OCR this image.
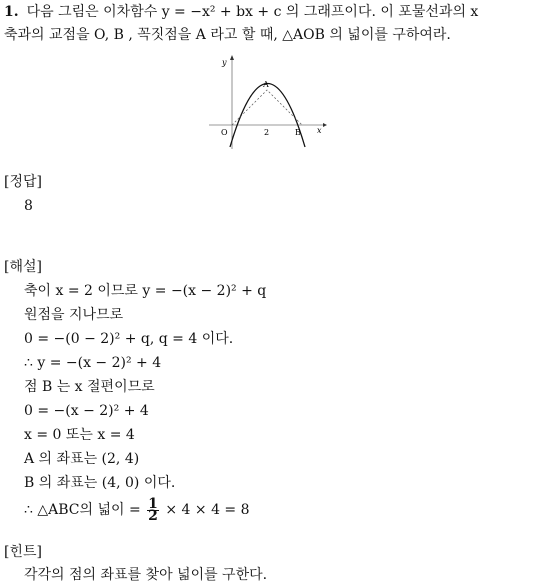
1. 다음 그림은 이차함수 y = −x² + bx + c 의 그래프이다. 이 포물선과의 x
축과의 교점을 O, B , 꼭짓점을 A 라고 할 때, △AOB 의 넓이를 구하여라.
y
A
O	2	B x
[정답]
8
[해설]
축이 x = 2 이므로 y = −(x − 2)² + q
원점을 지나므로
0 = −(0 − 2)² + q, q = 4 이다.
∴ y = −(x − 2)² + 4
점 B 는 x 절편이므로
0 = −(x − 2)² + 4
x = 0 또는 x = 4
A 의 좌표는 (2, 4)
B 의 좌표는 (4, 0) 이다.
∴ △ABC의 넓이 = $\frac{1}{2} \times 4 \times 4 = 8$
[힌트]
각각의 점의 좌표를 찾아 넓이를 구한다.
